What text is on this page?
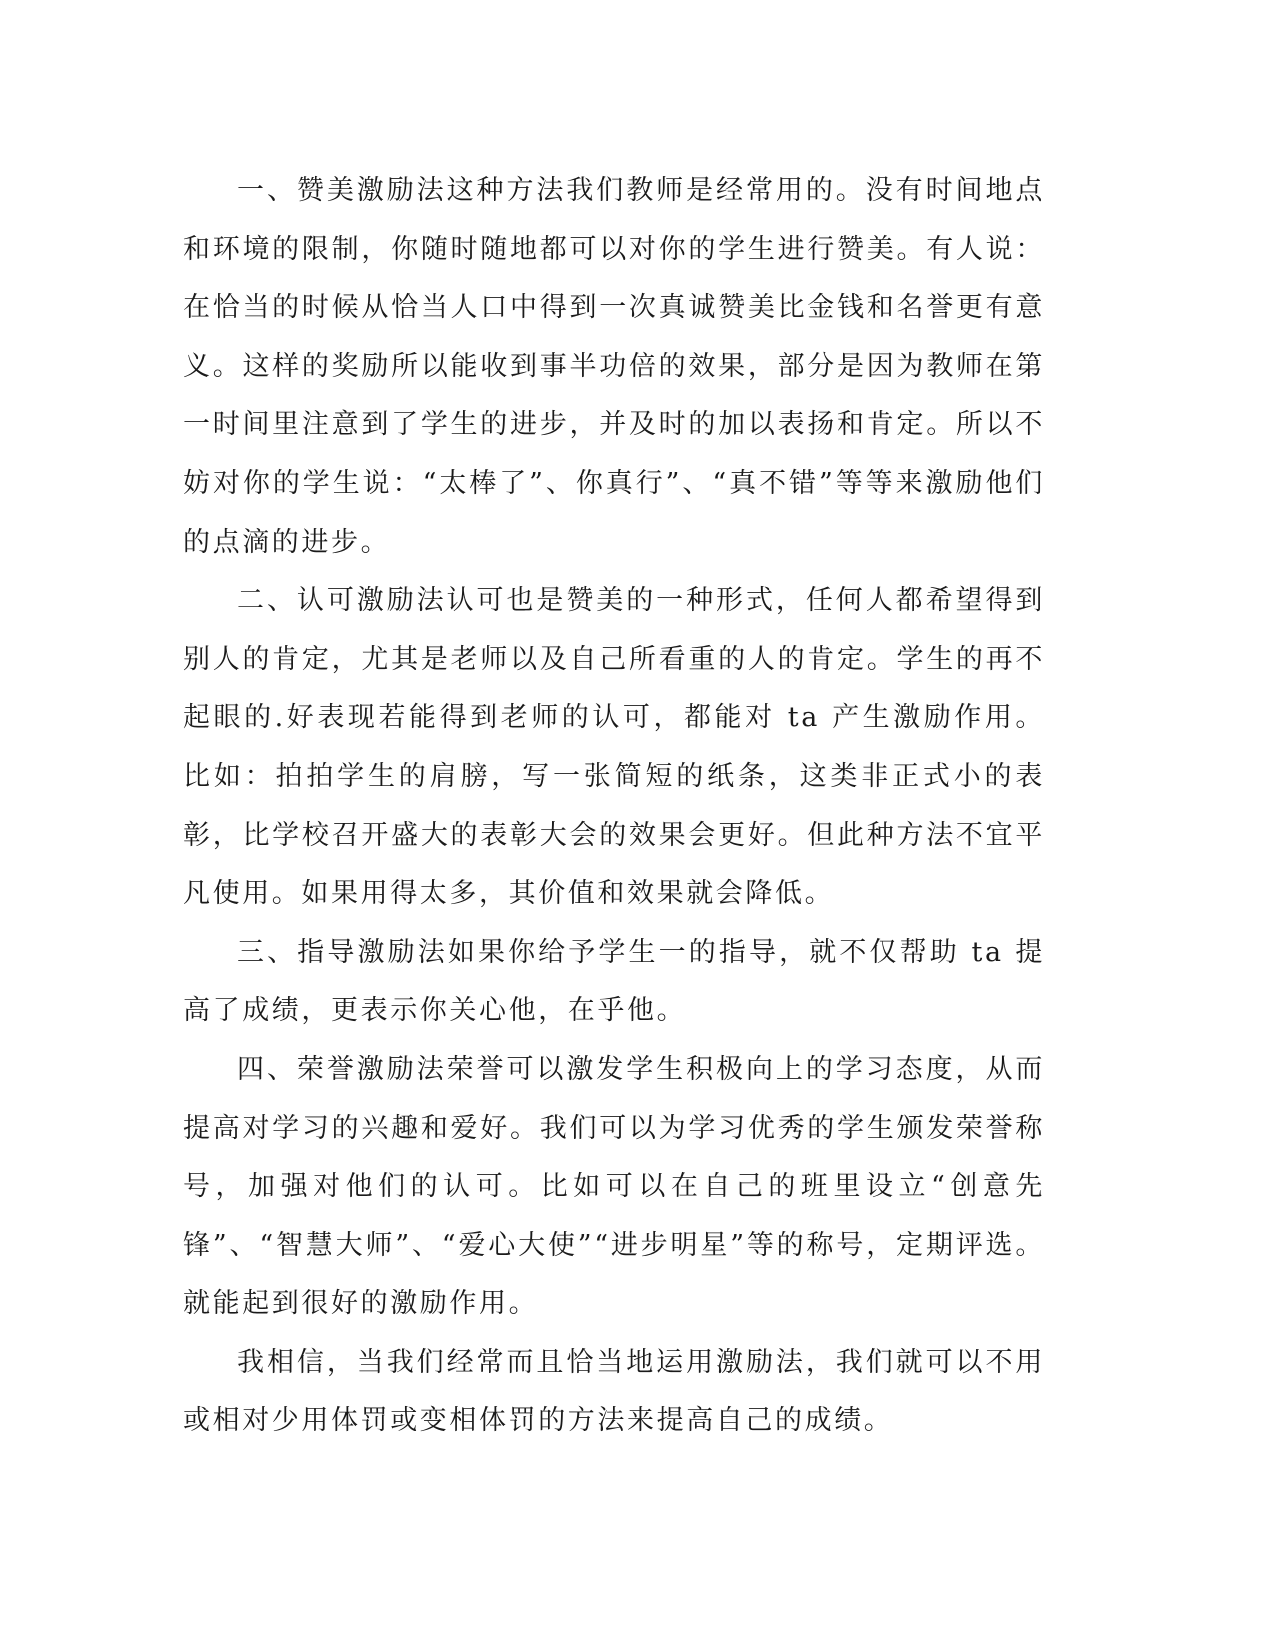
一、赞美激励法这种方法我们教师是经常用的。没有时间地点和环境的限制，你随时随地都可以对你的学生进行赞美。有人说：在恰当的时候从恰当人口中得到一次真诚赞美比金钱和名誉更有意义。这样的奖励所以能收到事半功倍的效果，部分是因为教师在第一时间里注意到了学生的进步，并及时的加以表扬和肯定。所以不妨对你的学生说：“太棒了”、你真行”、“真不错”等等来激励他们的点滴的进步。

二、认可激励法认可也是赞美的一种形式，任何人都希望得到别人的肯定，尤其是老师以及自己所看重的人的肯定。学生的再不起眼的.好表现若能得到老师的认可，都能对 ta 产生激励作用。比如：拍拍学生的肩膀，写一张简短的纸条，这类非正式小的表彰，比学校召开盛大的表彰大会的效果会更好。但此种方法不宜平凡使用。如果用得太多，其价值和效果就会降低。

三、指导激励法如果你给予学生一的指导，就不仅帮助 ta 提高了成绩，更表示你关心他，在乎他。

四、荣誉激励法荣誉可以激发学生积极向上的学习态度，从而提高对学习的兴趣和爱好。我们可以为学习优秀的学生颁发荣誉称号，加强对他们的认可。比如可以在自己的班里设立“创意先锋”、“智慧大师”、“爱心大使”“进步明星”等的称号，定期评选。就能起到很好的激励作用。

我相信，当我们经常而且恰当地运用激励法，我们就可以不用或相对少用体罚或变相体罚的方法来提高自己的成绩。
